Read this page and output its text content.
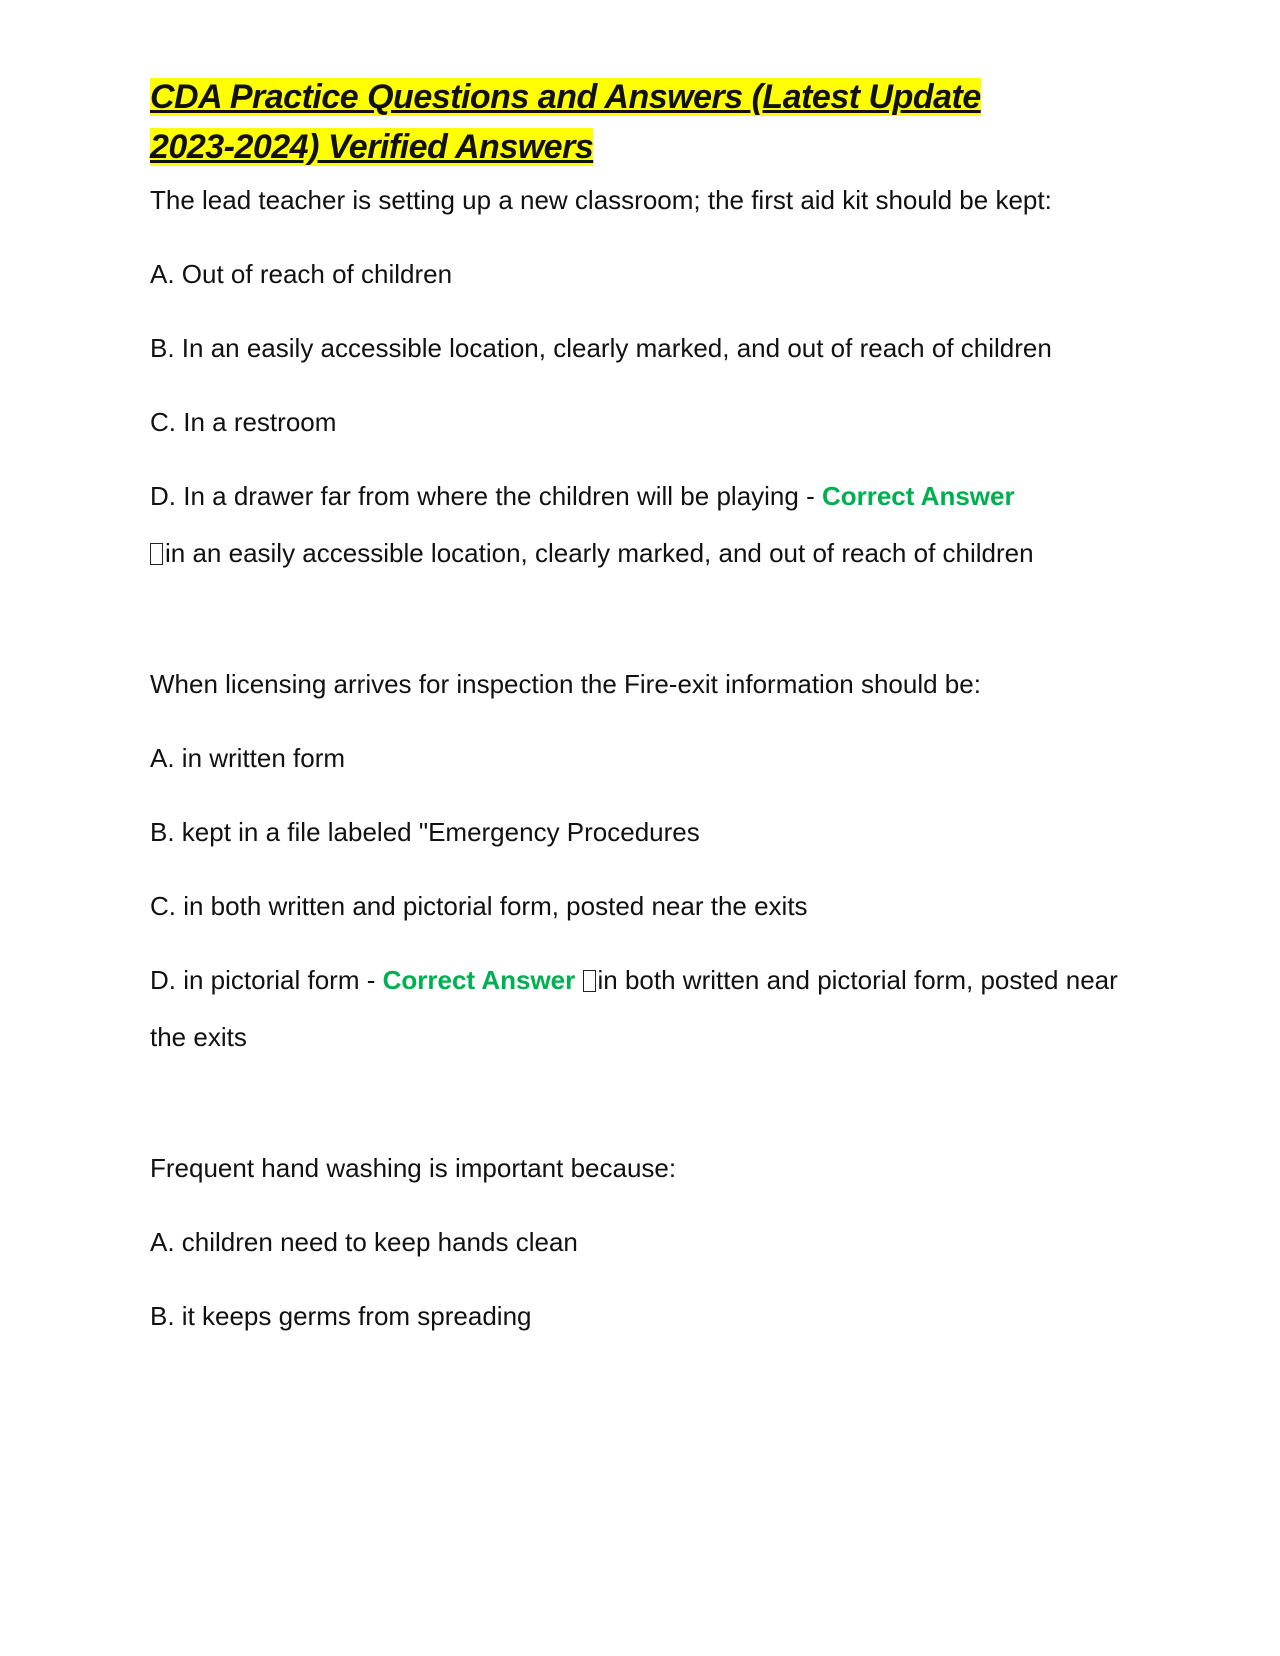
CDA Practice Questions and Answers (Latest Update
2023-2024) Verified Answers

The lead teacher is setting up a new classroom; the first aid kit should be kept:

A. Out of reach of children

B. In an easily accessible location, clearly marked, and out of reach of children

C. In a restroom

D. In a drawer far from where the children will be playing - Correct Answer
in an easily accessible location, clearly marked, and out of reach of children

When licensing arrives for inspection the Fire-exit information should be:

A. in written form

B. kept in a file labeled "Emergency Procedures

C. in both written and pictorial form, posted near the exits

D. in pictorial form - Correct Answer in both written and pictorial form, posted near the exits

Frequent hand washing is important because:

A. children need to keep hands clean

B. it keeps germs from spreading
